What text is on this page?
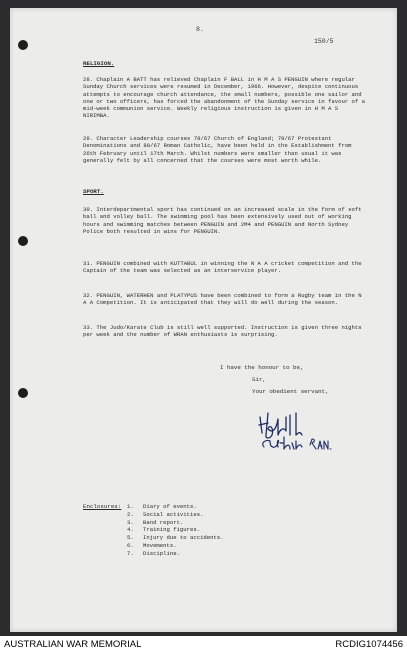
8.
150/5
RELIGION.
28. Chaplain A BATT has relieved Chaplain F BALL in H M A S PENGUIN where regular Sunday Church services were resumed in December, 1966. However, despite continuous attempts to encourage church attendance, the small numbers, possible one sailor and one or two officers, has forced the abandonment of the Sunday service in favour of a mid-week communion service. Weekly religious instruction is given in H M A S NIRIMBA.
29. Character Leadership courses 78/67 Church of England; 79/67 Protestant Denominations and 80/67 Roman Catholic, have been held in the Establishment from 26th February until 17th March. Whilst numbers were smaller than usual it was generally felt by all concerned that the courses were most worth while.
SPORT.
30. Interdepartmental sport has continued on an increased scale in the form of soft ball and volley ball. The swimming pool has been extensively used out of working hours and swimming matches between PENGUIN and 2M4 and PENGUIN and North Sydney Police both resulted in wins for PENGUIN.
31. PENGUIN combined with KUTTABUL in winning the N A A cricket competition and the Captain of the team was selected as an interservice player.
32. PENGUIN, WATERHEN and PLATYPUS have been combined to form a Rugby team in the N A A Competition. It is anticipated that they will do well during the season.
33. The Judo/Karate Club is still well supported. Instruction is given three nights per week and the number of WRAN enthusiasts is surprising.
I have the honour to be,
Sir,
Your obedient servant,
Enclosures: 1. Diary of events.
2. Social activities.
3. Band report.
4. Training figures.
5. Injury due to accidents.
6. Movements.
7. Discipline.
AUSTRALIAN WAR MEMORIAL	RCDIG1074456
